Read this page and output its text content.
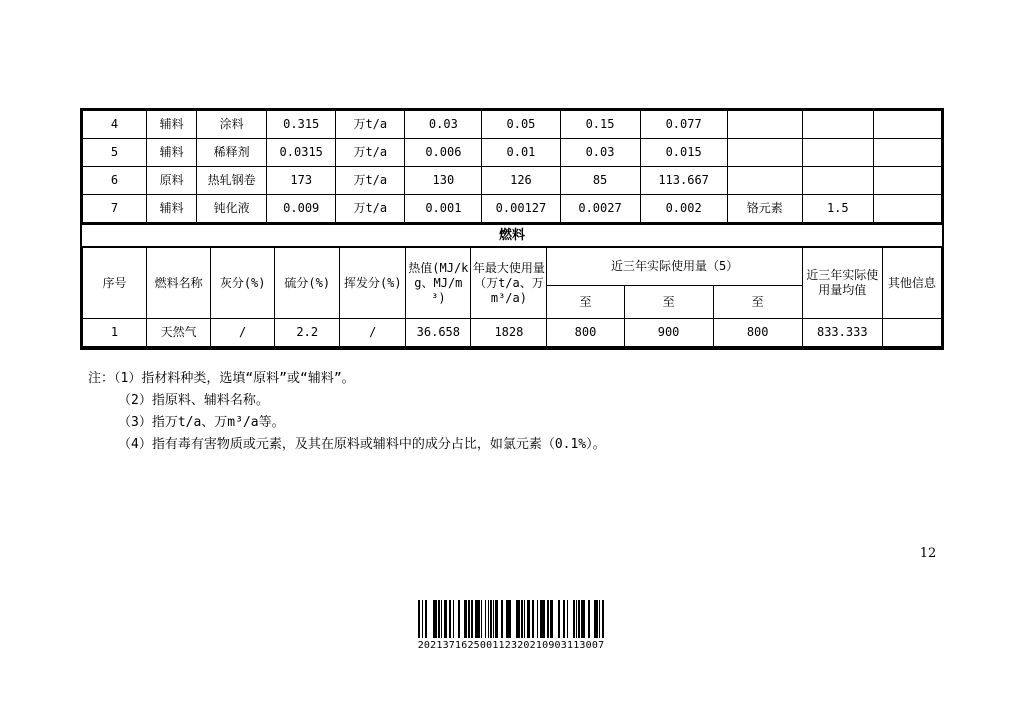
4	辅料	涂料	0.315	万t/a	0.03	0.05	0.15	0.077			
5	辅料	稀释剂	0.0315	万t/a	0.006	0.01	0.03	0.015			
6	原料	热轧钢卷	173	万t/a	130	126	85	113.667			
7	辅料	钝化液	0.009	万t/a	0.001	0.00127	0.0027	0.002	铬元素	1.5	
燃料
序号	燃料名称	灰分(%)	硫分(%)	挥发分(%)	热值(MJ/kg、MJ/m³)	年最大使用量（万t/a、万m³/a)	近三年实际使用量（5）			近三年实际使用量均值	其他信息
							至	至	至		
1	天然气	/	2.2	/	36.658	1828	800	900	800	833.333	
注：（1）指材料种类，选填“原料”或“辅料”。
（2）指原料、辅料名称。
（3）指万t/a、万m³/a等。
（4）指有毒有害物质或元素，及其在原料或辅料中的成分占比，如氯元素（0.1%）。
12
202137162500112320210903113007
